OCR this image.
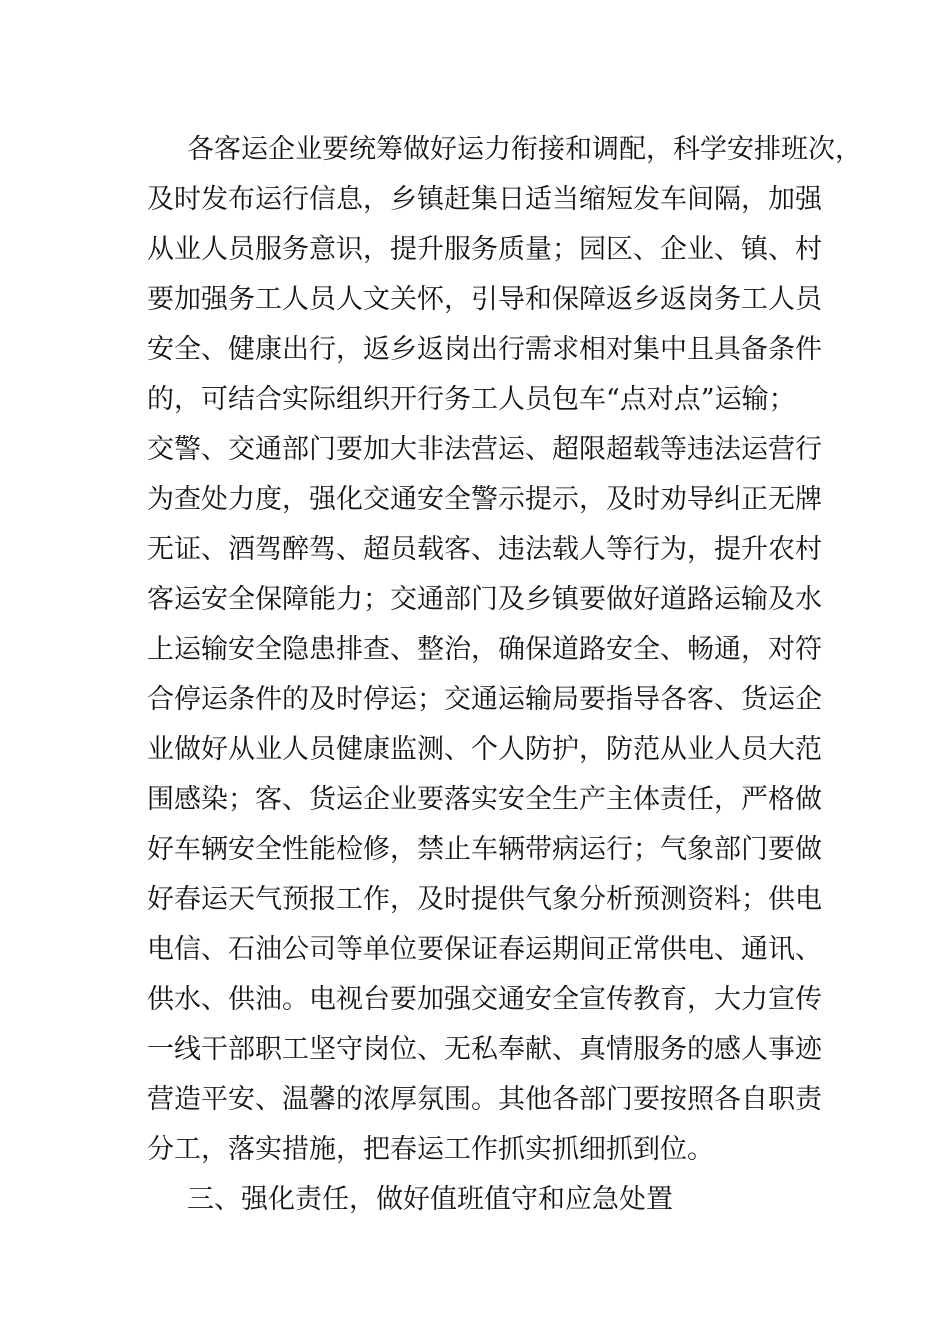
各客运企业要统筹做好运力衔接和调配，科学安排班次，
及时发布运行信息，乡镇赶集日适当缩短发车间隔，加强
从业人员服务意识，提升服务质量；园区、企业、镇、村
要加强务工人员人文关怀，引导和保障返乡返岗务工人员
安全、健康出行，返乡返岗出行需求相对集中且具备条件
的，可结合实际组织开行务工人员包车“点对点”运输；
交警、交通部门要加大非法营运、超限超载等违法运营行
为查处力度，强化交通安全警示提示，及时劝导纠正无牌
无证、酒驾醉驾、超员载客、违法载人等行为，提升农村
客运安全保障能力；交通部门及乡镇要做好道路运输及水
上运输安全隐患排查、整治，确保道路安全、畅通，对符
合停运条件的及时停运；交通运输局要指导各客、货运企
业做好从业人员健康监测、个人防护，防范从业人员大范
围感染；客、货运企业要落实安全生产主体责任，严格做
好车辆安全性能检修，禁止车辆带病运行；气象部门要做
好春运天气预报工作，及时提供气象分析预测资料；供电
电信、石油公司等单位要保证春运期间正常供电、通讯、
供水、供油。电视台要加强交通安全宣传教育，大力宣传
一线干部职工坚守岗位、无私奉献、真情服务的感人事迹
营造平安、温馨的浓厚氛围。其他各部门要按照各自职责
分工，落实措施，把春运工作抓实抓细抓到位。
三、强化责任，做好值班值守和应急处置
